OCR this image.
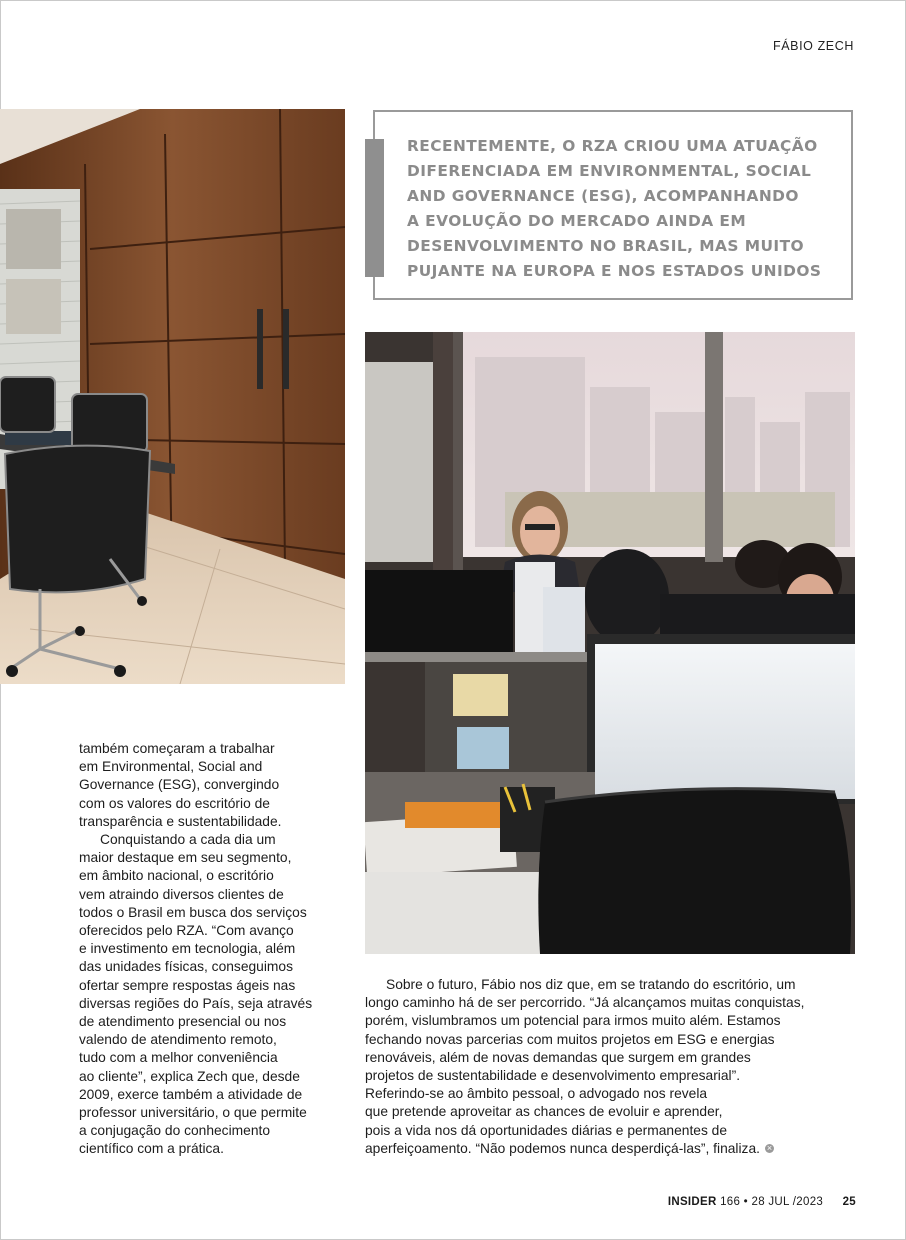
FÁBIO ZECH
RECENTEMENTE, O RZA CRIOU UMA ATUAÇÃO
DIFERENCIADA EM ENVIRONMENTAL, SOCIAL
AND GOVERNANCE (ESG), ACOMPANHANDO
A EVOLUÇÃO DO MERCADO AINDA EM
DESENVOLVIMENTO NO BRASIL, MAS MUITO
PUJANTE NA EUROPA E NOS ESTADOS UNIDOS
também começaram a trabalhar
em Environmental, Social and
Governance (ESG), convergindo
com os valores do escritório de
transparência e sustentabilidade.
Conquistando a cada dia um
maior destaque em seu segmento,
em âmbito nacional, o escritório
vem atraindo diversos clientes de
todos o Brasil em busca dos serviços
oferecidos pelo RZA. “Com avanço
e investimento em tecnologia, além
das unidades físicas, conseguimos
ofertar sempre respostas ágeis nas
diversas regiões do País, seja através
de atendimento presencial ou nos
valendo de atendimento remoto,
tudo com a melhor conveniência
ao cliente”, explica Zech que, desde
2009, exerce também a atividade de
professor universitário, o que permite
a conjugação do conhecimento
científico com a prática.
Sobre o futuro, Fábio nos diz que, em se tratando do escritório, um
longo caminho há de ser percorrido. “Já alcançamos muitas conquistas,
porém, vislumbramos um potencial para irmos muito além. Estamos
fechando novas parcerias com muitos projetos em ESG e energias
renováveis, além de novas demandas que surgem em grandes
projetos de sustentabilidade e desenvolvimento empresarial”.
Referindo-se ao âmbito pessoal, o advogado nos revela
que pretende aproveitar as chances de evoluir e aprender,
pois a vida nos dá oportunidades diárias e permanentes de
aperfeiçoamento. “Não podemos nunca desperdiçá-las”, finaliza.×
INSIDER 166 • 28 JUL /2023 25
